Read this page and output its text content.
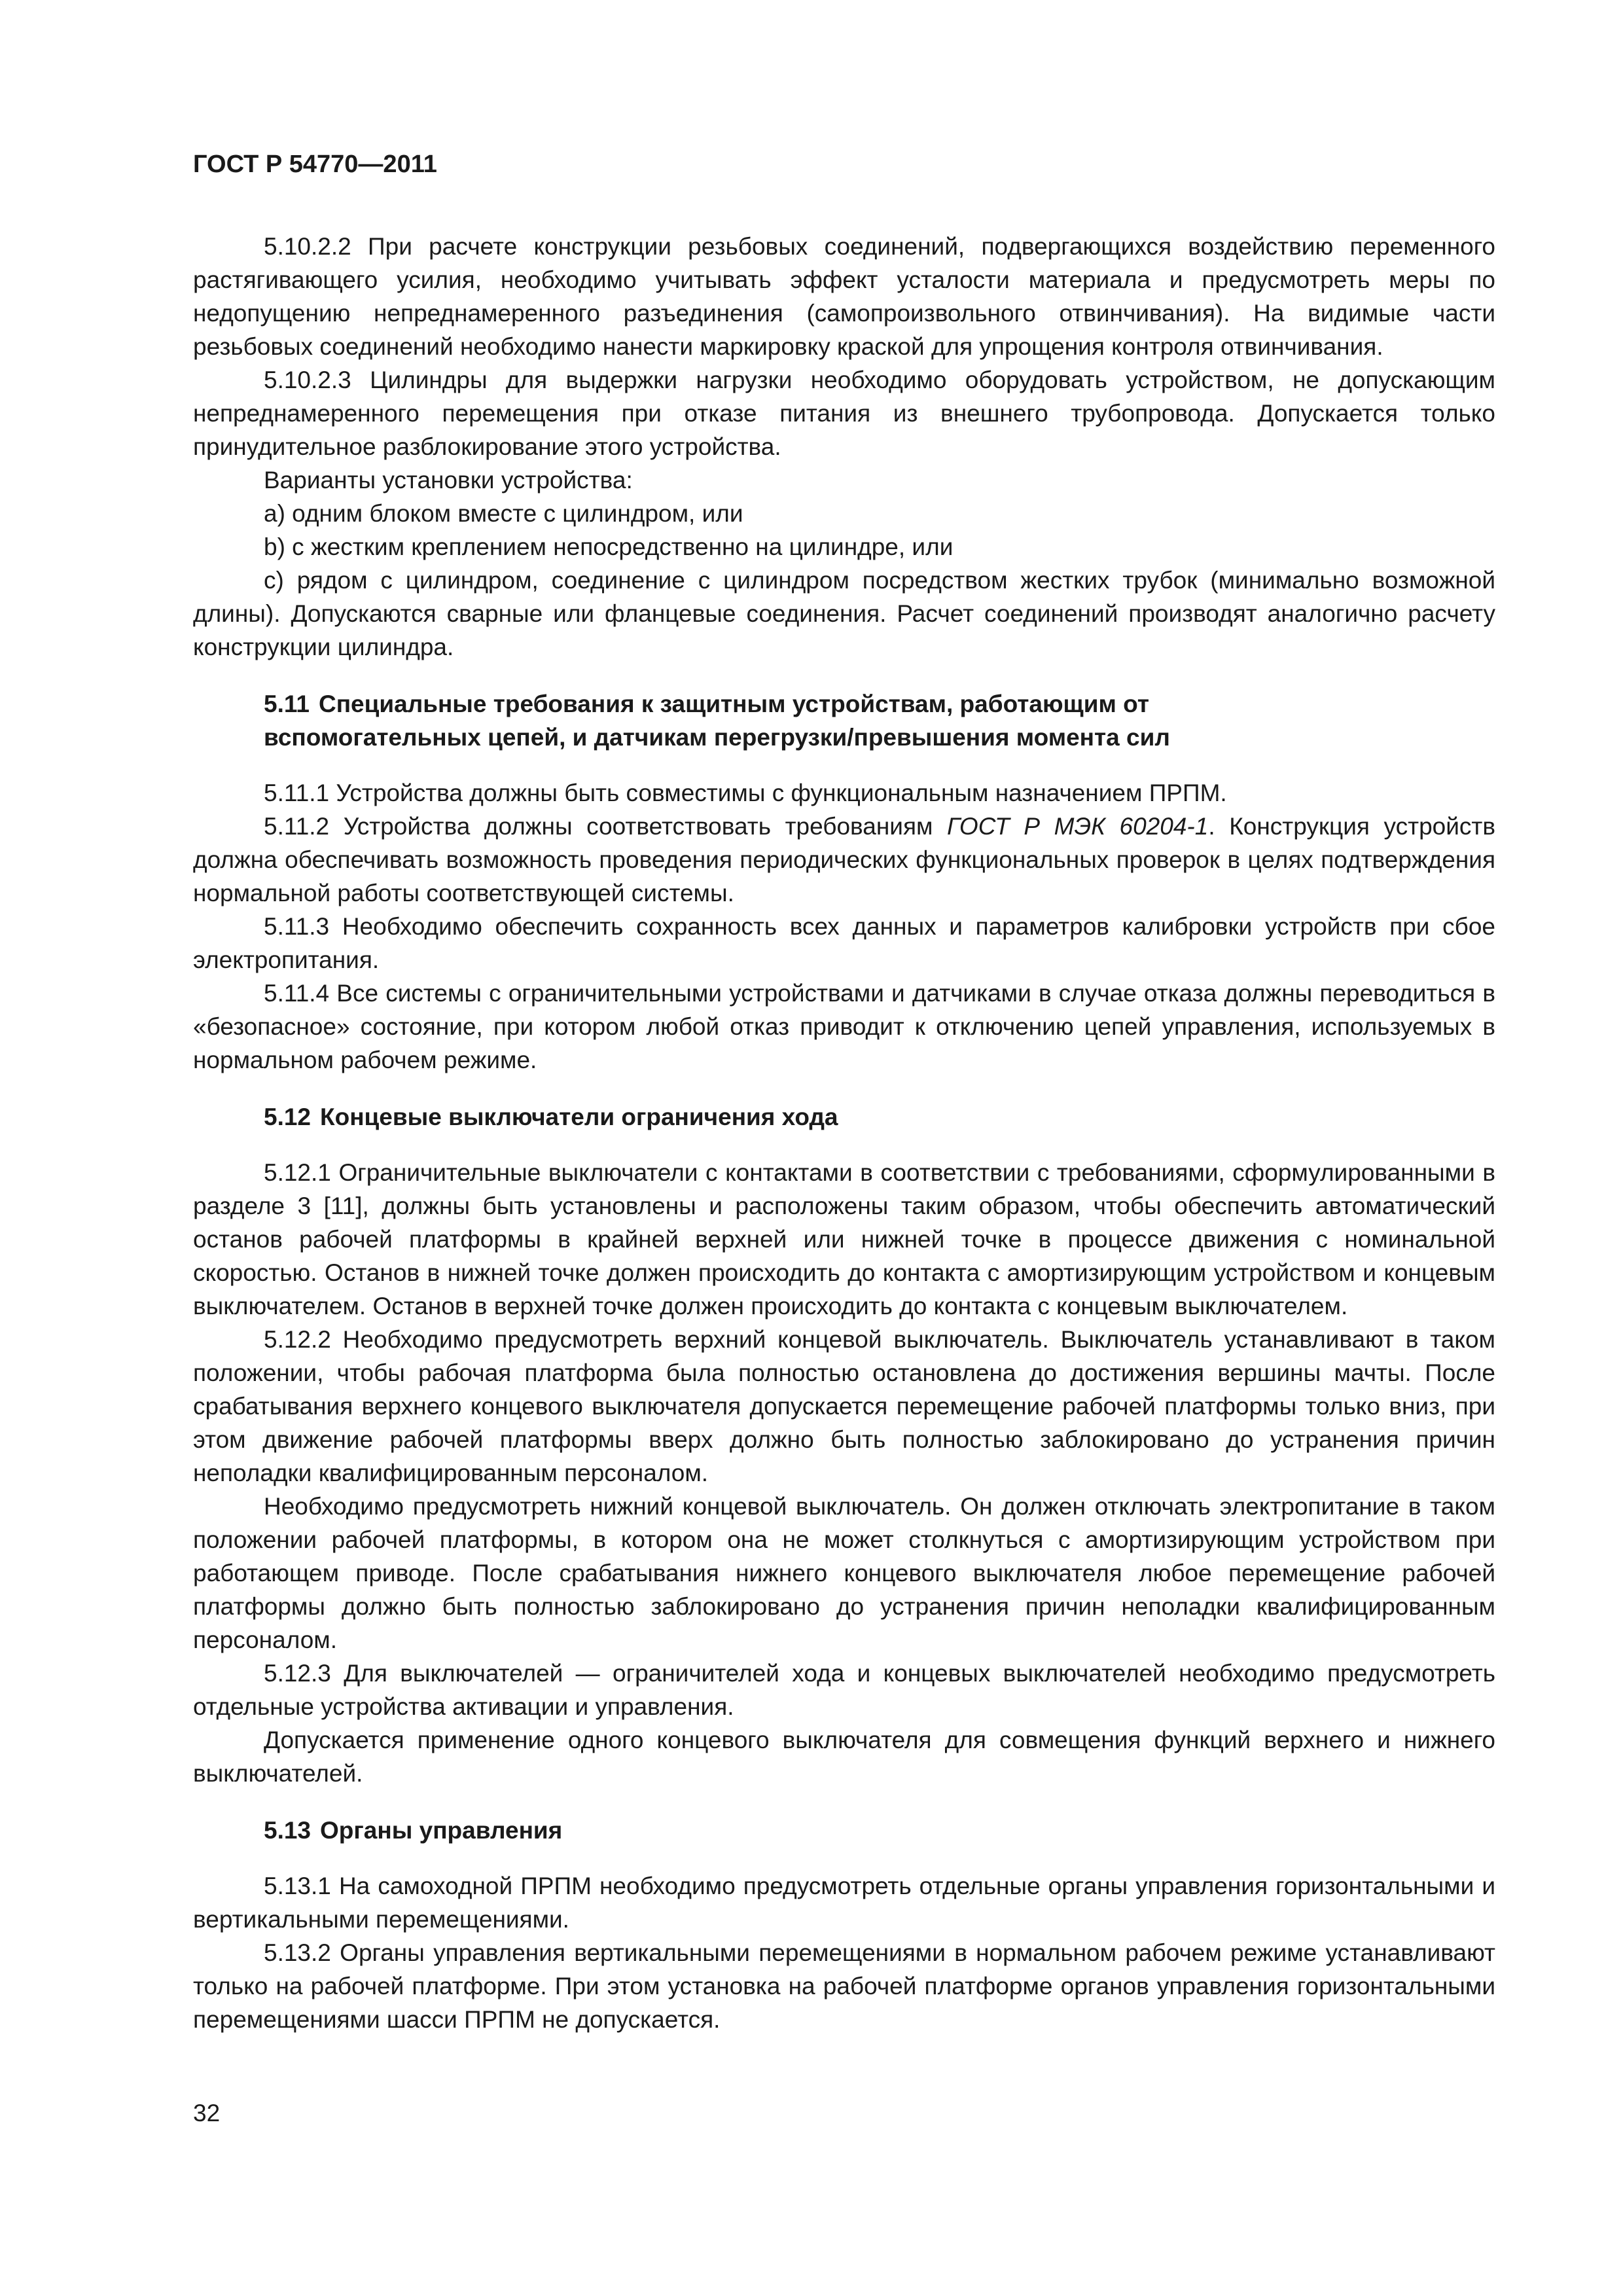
ГОСТ Р 54770—2011

5.10.2.2 При расчете конструкции резьбовых соединений, подвергающихся воздействию переменного растягивающего усилия, необходимо учитывать эффект усталости материала и предусмотреть меры по недопущению непреднамеренного разъединения (самопроизвольного отвинчивания). На видимые части резьбовых соединений необходимо нанести маркировку краской для упрощения контроля отвинчивания.

5.10.2.3 Цилиндры для выдержки нагрузки необходимо оборудовать устройством, не допускающим непреднамеренного перемещения при отказе питания из внешнего трубопровода. Допускается только принудительное разблокирование этого устройства.

Варианты установки устройства:

a) одним блоком вместе с цилиндром, или

b) с жестким креплением непосредственно на цилиндре, или

c) рядом с цилиндром, соединение с цилиндром посредством жестких трубок (минимально возможной длины). Допускаются сварные или фланцевые соединения. Расчет соединений производят аналогично расчету конструкции цилиндра.

5.11 Специальные требования к защитным устройствам, работающим от
вспомогательных цепей, и датчикам перегрузки/превышения момента сил

5.11.1 Устройства должны быть совместимы с функциональным назначением ПРПМ.

5.11.2 Устройства должны соответствовать требованиям ГОСТ Р МЭК 60204-1. Конструкция устройств должна обеспечивать возможность проведения периодических функциональных проверок в целях подтверждения нормальной работы соответствующей системы.

5.11.3 Необходимо обеспечить сохранность всех данных и параметров калибровки устройств при сбое электропитания.

5.11.4 Все системы с ограничительными устройствами и датчиками в случае отказа должны переводиться в «безопасное» состояние, при котором любой отказ приводит к отключению цепей управления, используемых в нормальном рабочем режиме.

5.12 Концевые выключатели ограничения хода

5.12.1 Ограничительные выключатели с контактами в соответствии с требованиями, сформулированными в разделе 3 [11], должны быть установлены и расположены таким образом, чтобы обеспечить автоматический останов рабочей платформы в крайней верхней или нижней точке в процессе движения с номинальной скоростью. Останов в нижней точке должен происходить до контакта с амортизирующим устройством и концевым выключателем. Останов в верхней точке должен происходить до контакта с концевым выключателем.

5.12.2 Необходимо предусмотреть верхний концевой выключатель. Выключатель устанавливают в таком положении, чтобы рабочая платформа была полностью остановлена до достижения вершины мачты. После срабатывания верхнего концевого выключателя допускается перемещение рабочей платформы только вниз, при этом движение рабочей платформы вверх должно быть полностью заблокировано до устранения причин неполадки квалифицированным персоналом.

Необходимо предусмотреть нижний концевой выключатель. Он должен отключать электропитание в таком положении рабочей платформы, в котором она не может столкнуться с амортизирующим устройством при работающем приводе. После срабатывания нижнего концевого выключателя любое перемещение рабочей платформы должно быть полностью заблокировано до устранения причин неполадки квалифицированным персоналом.

5.12.3 Для выключателей — ограничителей хода и концевых выключателей необходимо предусмотреть отдельные устройства активации и управления.

Допускается применение одного концевого выключателя для совмещения функций верхнего и нижнего выключателей.

5.13 Органы управления

5.13.1 На самоходной ПРПМ необходимо предусмотреть отдельные органы управления горизонтальными и вертикальными перемещениями.

5.13.2 Органы управления вертикальными перемещениями в нормальном рабочем режиме устанавливают только на рабочей платформе. При этом установка на рабочей платформе органов управления горизонтальными перемещениями шасси ПРПМ не допускается.

32
